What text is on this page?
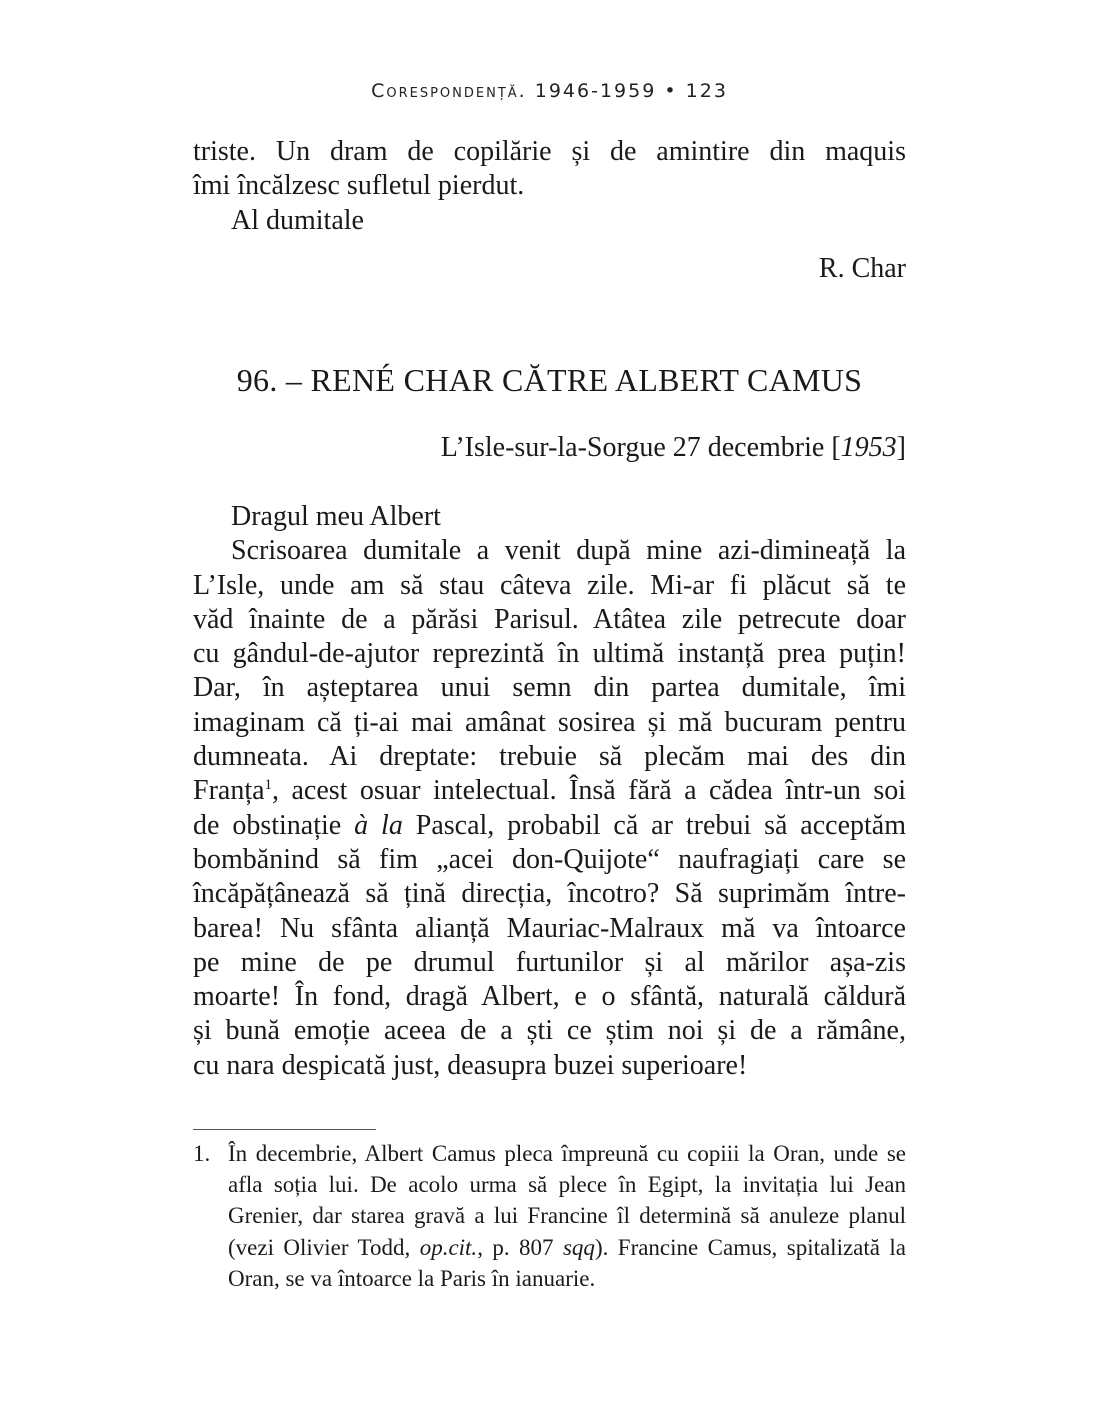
Corespondență. 1946-1959 • 123

triste. Un dram de copilărie și de amintire din maquis

îmi încălzesc sufletul pierdut.

Al dumitale

R. Char
96. – RENÉ CHAR CĂTRE ALBERT CAMUS
L’Isle-sur-la-Sorgue 27 decembrie [1953]

Dragul meu Albert

Scrisoarea dumitale a venit după mine azi-dimineață la

L’Isle, unde am să stau câteva zile. Mi-ar fi plăcut să te

văd înainte de a părăsi Parisul. Atâtea zile petrecute doar

cu gândul-de-ajutor reprezintă în ultimă instanță prea puțin!

Dar, în așteptarea unui semn din partea dumitale, îmi

imaginam că ți-ai mai amânat sosirea și mă bucuram pentru

dumneata. Ai dreptate: trebuie să plecăm mai des din

Franța$^1$, acest osuar intelectual. Însă fără a cădea într-un soi

de obstinație à la Pascal, probabil că ar trebui să acceptăm

bombănind să fim „acei don-Quijote“ naufragiați care se

încăpățânează să țină direcția, încotro? Să suprimăm între-

barea! Nu sfânta alianță Mauriac-Malraux mă va întoarce

pe mine de pe drumul furtunilor și al mărilor așa-zis

moarte! În fond, dragă Albert, e o sfântă, naturală căldură

și bună emoție aceea de a ști ce știm noi și de a rămâne,

cu nara despicată just, deasupra buzei superioare!

1. În decembrie, Albert Camus pleca împreună cu copiii la Oran, unde se afla soția lui. De acolo urma să plece în Egipt, la invitația lui Jean Grenier, dar starea gravă a lui Francine îl determină să anuleze planul (vezi Olivier Todd, op.cit., p. 807 sqq). Francine Camus, spitalizată la Oran, se va întoarce la Paris în ianuarie.
